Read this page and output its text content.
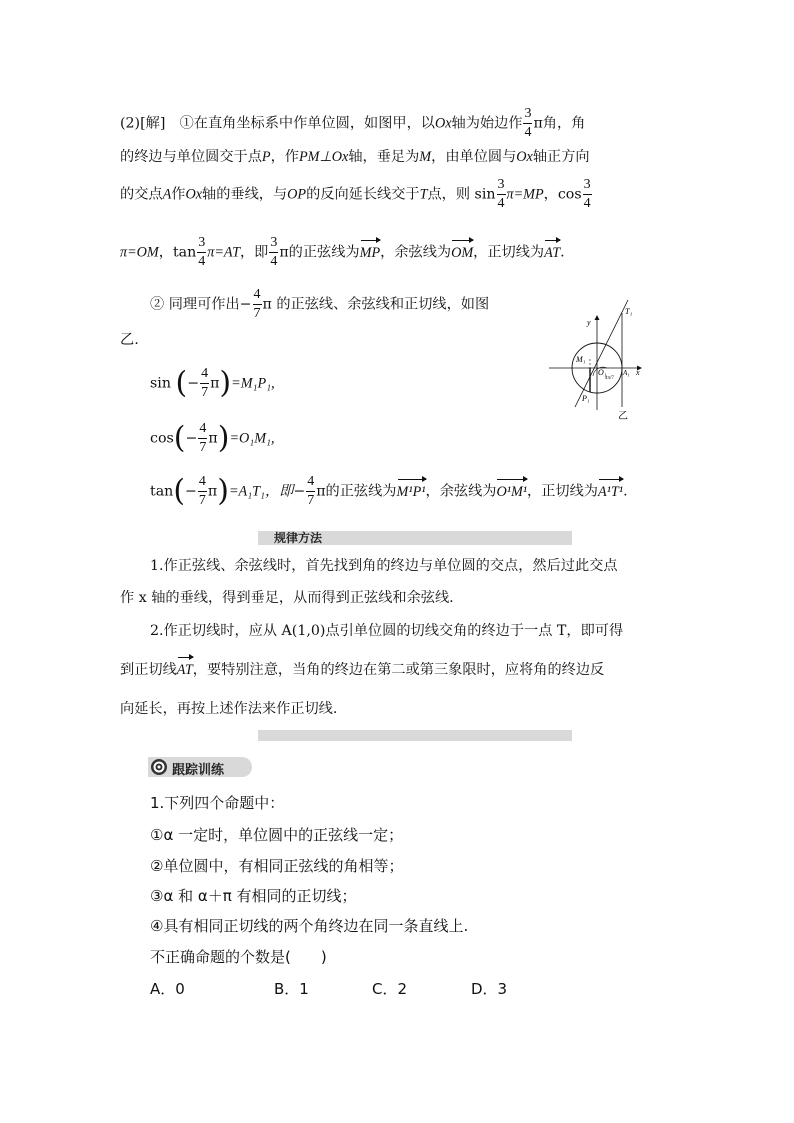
(2)[解]　 ①在直角坐标系中作单位圆，如图甲，以Ox轴为始边作 $\frac{3}{4}$ π角，角
的终边与单位圆交于点P，作PM⊥Ox轴，垂足为M，由单位圆与Ox轴正方向
的交点A作Ox轴的垂线，与OP的反向延长线交于T点，则 $\sin \frac{3}{4} \pi=MP$，$\cos \frac{3}{4}$
π=OM，$\tan \frac{3}{4} \pi=AT$，即 $\frac{3}{4}$ π的正弦线为MP，余弦线为OM，正切线为AT.
② 同理可作出− $\frac{4}{7}$ π 的正弦线、余弦线和正切线，如图
乙.
sin (− $\frac{4}{7} \pi)=M_1P_1$,
$\cos(- \frac{4}{7} \pi)=O_1M_1$,
$\tan(- \frac{4}{7} \pi)=A_1T_1$，即− $\frac{4}{7}$ π的正弦线为M¹P¹，余弦线为O¹M¹，正切线为A¹T¹.
y
x
T₁
M₁
O₁ A₁
P₁
4π/7
乙
规律方法
1.作正弦线、余弦线时，首先找到角的终边与单位圆的交点，然后过此交点
作 x 轴的垂线，得到垂足，从而得到正弦线和余弦线.
2.作正切线时，应从 A(1,0)点引单位圆的切线交角的终边于一点 T，即可得
到正切线AT，要特别注意，当角的终边在第二或第三象限时，应将角的终边反
向延长，再按上述作法来作正切线.
跟踪训练
1.下列四个命题中：
①α 一定时，单位圆中的正弦线一定；
②单位圆中，有相同正弦线的角相等；
③α 和 α＋π 有相同的正切线；
④具有相同正切线的两个角终边在同一条直线上.
不正确命题的个数是(　　)
A．0	B．1	C．2	D．3
